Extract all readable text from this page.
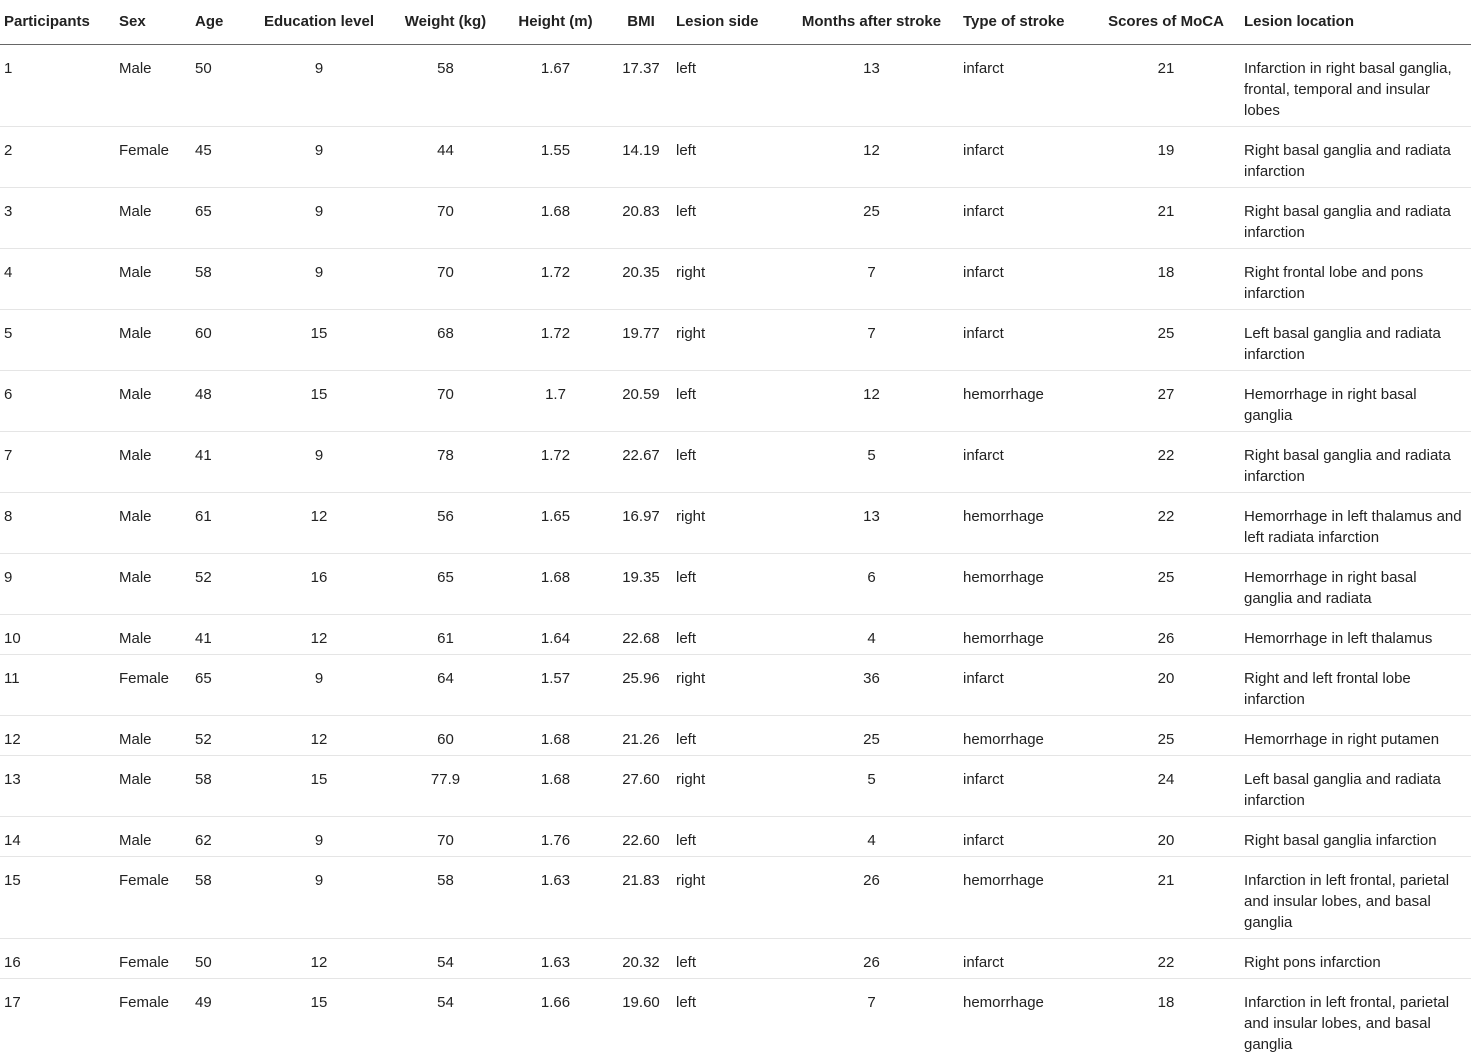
Participants	Sex	Age	Education level	Weight (kg)	Height (m)	BMI	Lesion side	Months after stroke	Type of stroke	Scores of MoCA	Lesion location
1	Male	50	9	58	1.67	17.37	left	13	infarct	21	Infarction in right basal ganglia, frontal, temporal and insular lobes
2	Female	45	9	44	1.55	14.19	left	12	infarct	19	Right basal ganglia and radiata infarction
3	Male	65	9	70	1.68	20.83	left	25	infarct	21	Right basal ganglia and radiata infarction
4	Male	58	9	70	1.72	20.35	right	7	infarct	18	Right frontal lobe and pons infarction
5	Male	60	15	68	1.72	19.77	right	7	infarct	25	Left basal ganglia and radiata infarction
6	Male	48	15	70	1.7	20.59	left	12	hemorrhage	27	Hemorrhage in right basal ganglia
7	Male	41	9	78	1.72	22.67	left	5	infarct	22	Right basal ganglia and radiata infarction
8	Male	61	12	56	1.65	16.97	right	13	hemorrhage	22	Hemorrhage in left thalamus and left radiata infarction
9	Male	52	16	65	1.68	19.35	left	6	hemorrhage	25	Hemorrhage in right basal ganglia and radiata
10	Male	41	12	61	1.64	22.68	left	4	hemorrhage	26	Hemorrhage in left thalamus
11	Female	65	9	64	1.57	25.96	right	36	infarct	20	Right and left frontal lobe infarction
12	Male	52	12	60	1.68	21.26	left	25	hemorrhage	25	Hemorrhage in right putamen
13	Male	58	15	77.9	1.68	27.60	right	5	infarct	24	Left basal ganglia and radiata infarction
14	Male	62	9	70	1.76	22.60	left	4	infarct	20	Right basal ganglia infarction
15	Female	58	9	58	1.63	21.83	right	26	hemorrhage	21	Infarction in left frontal, parietal and insular lobes, and basal ganglia
16	Female	50	12	54	1.63	20.32	left	26	infarct	22	Right pons infarction
17	Female	49	15	54	1.66	19.60	left	7	hemorrhage	18	Infarction in left frontal, parietal and insular lobes, and basal ganglia
